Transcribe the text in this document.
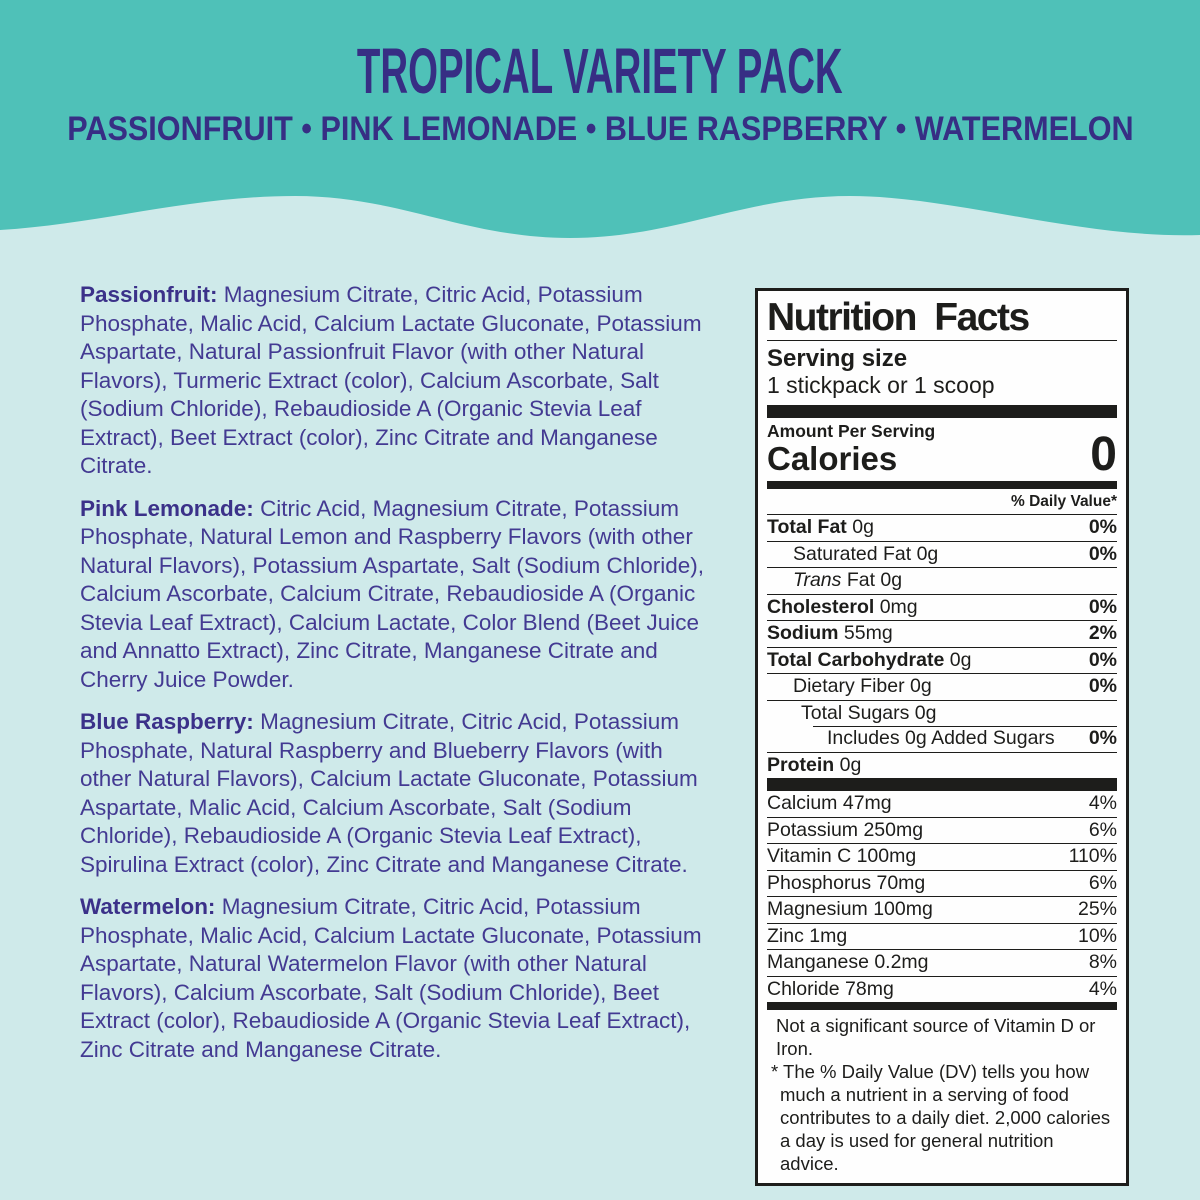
TROPICAL VARIETY PACK
PASSIONFRUIT • PINK LEMONADE • BLUE RASPBERRY • WATERMELON

Passionfruit: Magnesium Citrate, Citric Acid, Potassium Phosphate, Malic Acid, Calcium Lactate Gluconate, Potassium Aspartate, Natural Passionfruit Flavor (with other Natural Flavors), Turmeric Extract (color), Calcium Ascorbate, Salt (Sodium Chloride), Rebaudioside A (Organic Stevia Leaf Extract), Beet Extract (color), Zinc Citrate and Manganese Citrate.

Pink Lemonade: Citric Acid, Magnesium Citrate, Potassium Phosphate, Natural Lemon and Raspberry Flavors (with other Natural Flavors), Potassium Aspartate, Salt (Sodium Chloride), Calcium Ascorbate, Calcium Citrate, Rebaudioside A (Organic Stevia Leaf Extract), Calcium Lactate, Color Blend (Beet Juice and Annatto Extract), Zinc Citrate, Manganese Citrate and Cherry Juice Powder.

Blue Raspberry: Magnesium Citrate, Citric Acid, Potassium Phosphate, Natural Raspberry and Blueberry Flavors (with other Natural Flavors), Calcium Lactate Gluconate, Potassium Aspartate, Malic Acid, Calcium Ascorbate, Salt (Sodium Chloride), Rebaudioside A (Organic Stevia Leaf Extract), Spirulina Extract (color), Zinc Citrate and Manganese Citrate.

Watermelon: Magnesium Citrate, Citric Acid, Potassium Phosphate, Malic Acid, Calcium Lactate Gluconate, Potassium Aspartate, Natural Watermelon Flavor (with other Natural Flavors), Calcium Ascorbate, Salt (Sodium Chloride), Beet Extract (color), Rebaudioside A (Organic Stevia Leaf Extract), Zinc Citrate and Manganese Citrate.

Nutrition Facts
Serving size
1 stickpack or 1 scoop
Amount Per Serving
Calories	0
% Daily Value*
Total Fat 0g	0%
Saturated Fat 0g	0%
Trans Fat 0g
Cholesterol 0mg	0%
Sodium 55mg	2%
Total Carbohydrate 0g	0%
Dietary Fiber 0g	0%
Total Sugars 0g
Includes 0g Added Sugars 0%
Protein 0g
Calcium 47mg	4%
Potassium 250mg	6%
Vitamin C 100mg	110%
Phosphorus 70mg	6%
Magnesium 100mg	25%
Zinc 1mg	10%
Manganese 0.2mg	8%
Chloride 78mg	4%
Not a significant source of Vitamin D or Iron.

* The % Daily Value (DV) tells you how much a nutrient in a serving of food contributes to a daily diet. 2,000 calories a day is used for general nutrition advice.
